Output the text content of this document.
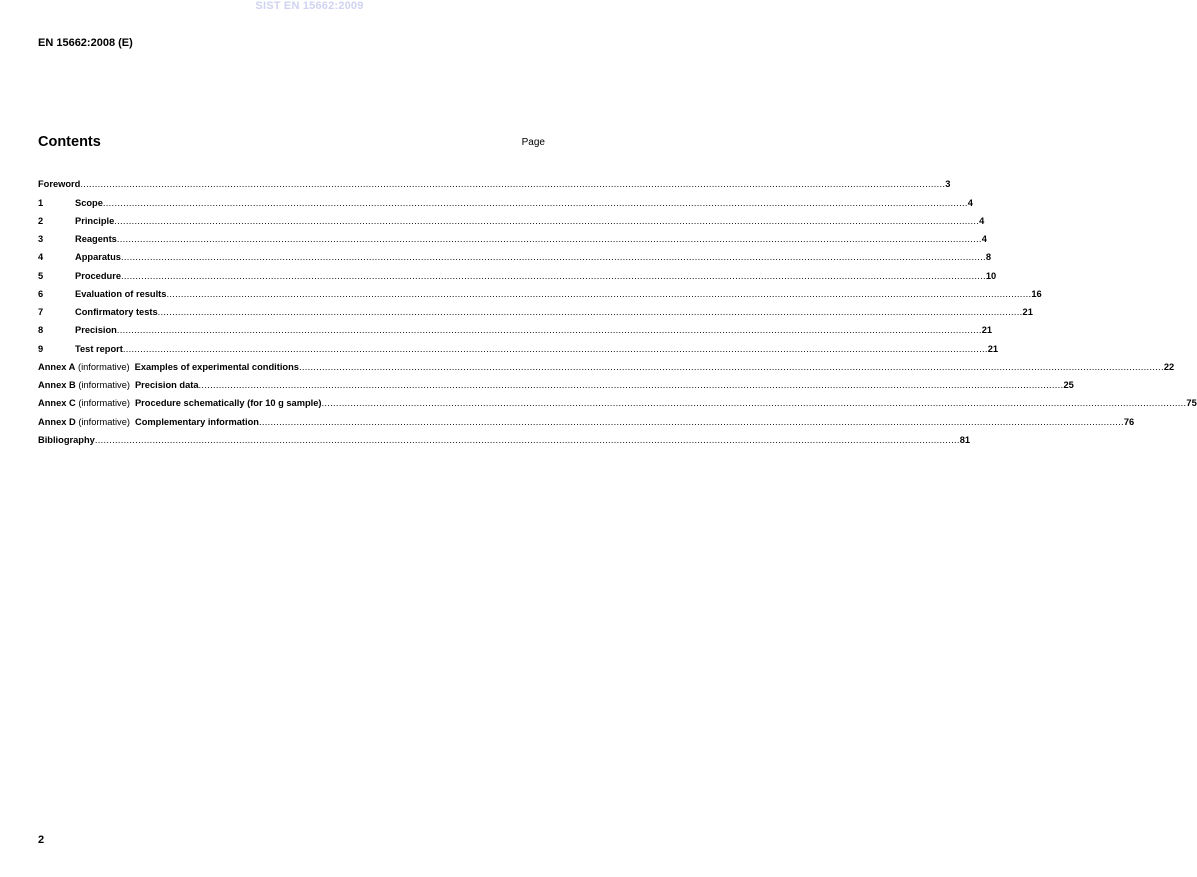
SIST EN 15662:2009
EN 15662:2008 (E)
Contents	Page
Foreword ............................................................................................................................................................................................................................................................................................................ 3
1	Scope ............................................................................................................................................................................................................................................................................................................ 4
2	Principle ............................................................................................................................................................................................................................................................................................................ 4
3	Reagents ............................................................................................................................................................................................................................................................................................................ 4
4	Apparatus ............................................................................................................................................................................................................................................................................................................ 8
5	Procedure ............................................................................................................................................................................................................................................................................................................ 10
6	Evaluation of results ............................................................................................................................................................................................................................................................................................................ 16
7	Confirmatory tests ............................................................................................................................................................................................................................................................................................................ 21
8	Precision ............................................................................................................................................................................................................................................................................................................ 21
9	Test report ............................................................................................................................................................................................................................................................................................................ 21
Annex A (informative) Examples of experimental conditions ............................................................................................................................................................................................................................................................................................................ 22
Annex B (informative) Precision data ............................................................................................................................................................................................................................................................................................................ 25
Annex C (informative) Procedure schematically (for 10 g sample) ............................................................................................................................................................................................................................................................................................................ 75
Annex D (informative) Complementary information ............................................................................................................................................................................................................................................................................................................ 76
Bibliography ............................................................................................................................................................................................................................................................................................................ 81
2
